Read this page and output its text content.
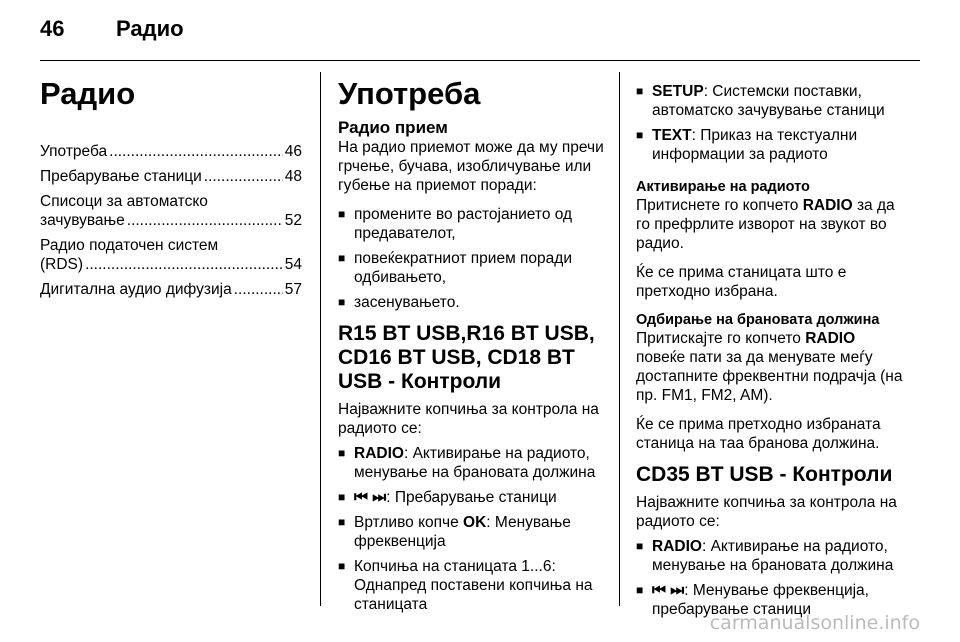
46 Радио
Радио
Употреба .....	46
Пребарување станици .....	48
Списоци за автоматско
зачувување .....	52
Радио податочен систем
(RDS) .....	54
Дигитална аудио дифузија .....	57
Употреба
Радио прием

На радио приемот може да му пречи грчење, бучава, изобличување или губење на приемот поради:

■ промените во растојанието од предавателот,
■ повеќекратниот прием поради одбивањето,
■ засенувањето.
R15 BT USB,R16 BT USB, CD16 BT USB, CD18 BT USB - Контроли

Најважните копчиња за контрола на радиото се:

■ RADIO: Активирање на радиото, менување на брановата должина
■ ⏮ ⏭: Пребарување станици
■ Вртливо копче OK: Менување фреквенција
■ Копчиња на станицата 1...6: Однапред поставени копчиња на станицата
■ SETUP: Системски поставки, автоматско зачувување станици
■ TEXT: Приказ на текстуални информации за радиото
Активирање на радиото

Притиснете го копчето RADIO за да го префрлите изворот на звукот во радио.

Ќе се прима станицата што е претходно избрана.

Одбирање на брановата должина

Притискајте го копчето RADIO повеќе пати за да менувате меѓу достапните фреквентни подрачја (на пр. FM1, FM2, AM).

Ќе се прима претходно избраната станица на таа бранова должина.

CD35 BT USB - Контроли

Најважните копчиња за контрола на радиото се:

■ RADIO: Активирање на радиото, менување на брановата должина
■ ⏮ ⏭: Менување фреквенција, пребарување станици
carmanualsonline.info
